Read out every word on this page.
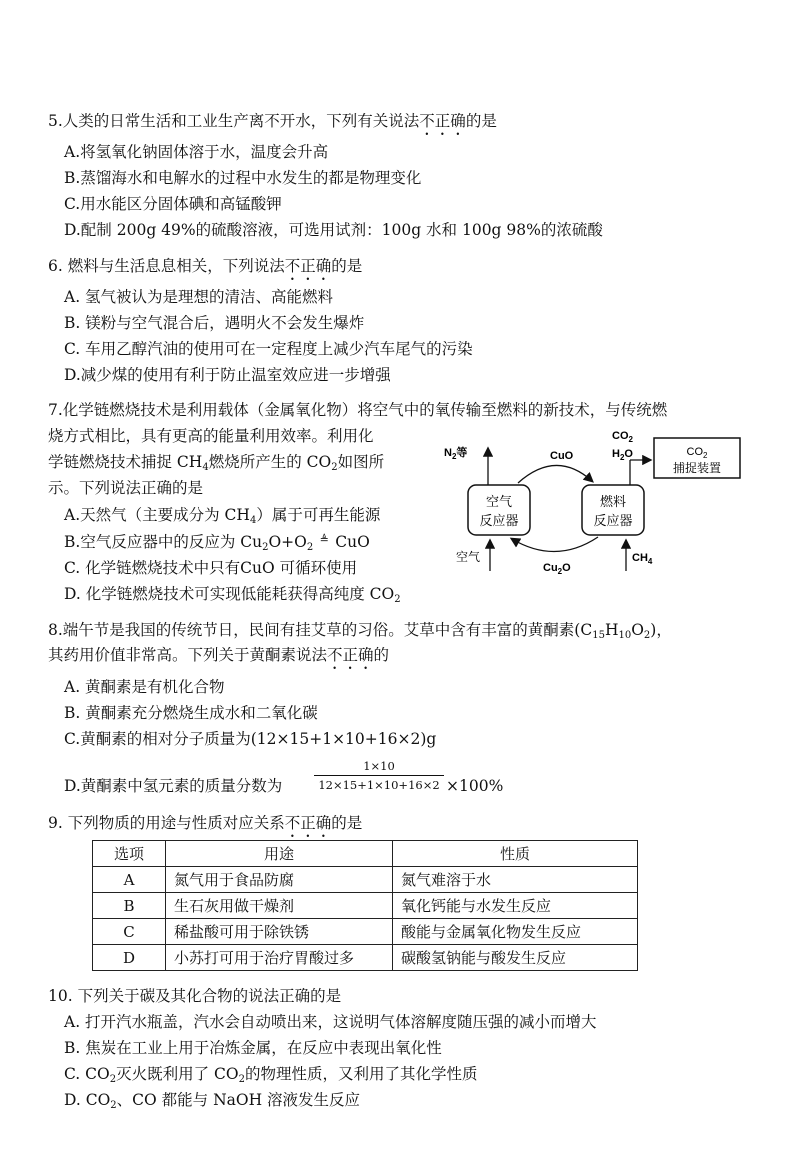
5.人类的日常生活和工业生产离不开水，下列有关说法不正确的是
A.将氢氧化钠固体溶于水，温度会升高
B.蒸馏海水和电解水的过程中水发生的都是物理变化
C.用水能区分固体碘和高锰酸钾
D.配制 200g 49%的硫酸溶液，可选用试剂：100g 水和 100g 98%的浓硫酸
6. 燃料与生活息息相关，下列说法不正确的是
A. 氢气被认为是理想的清洁、高能燃料
B. 镁粉与空气混合后，遇明火不会发生爆炸
C. 车用乙醇汽油的使用可在一定程度上减少汽车尾气的污染
D.减少煤的使用有利于防止温室效应进一步增强
7.化学链燃烧技术是利用载体（金属氧化物）将空气中的氧传输至燃料的新技术，与传统燃
烧方式相比，具有更高的能量利用效率。利用化
学链燃烧技术捕捉 $CH_4$燃烧所产生的 $CO_2$如图所
示。下列说法正确的是
A.天然气（主要成分为 $CH_4$）属于可再生能源
B.空气反应器中的反应为 $Cu_2O+O_2≜$ CuO
C. 化学链燃烧技术中只有CuO 可循环使用
D. 化学链燃烧技术可实现低能耗获得高纯度 $CO_2$
空气
反应器
燃料
反应器
$CO_2$
捕捉装置
CuO
$Cu_2O$
$N_2$等
空气
$CO_2$
$H_2O$
$CH_4$
8.端午节是我国的传统节日，民间有挂艾草的习俗。艾草中含有丰富的黄酮素$(C_{15}H_{10}O_2)$，
其药用价值非常高。下列关于黄酮素说法不正确的
A. 黄酮素是有机化合物
B. 黄酮素充分燃烧生成水和二氧化碳
C.黄酮素的相对分子质量为(12×15+1×10+16×2)g
D.黄酮素中氢元素的质量分数为
1×10
12×15+1×10+16×2 ×100%
9. 下列物质的用途与性质对应关系不正确的是
选项	用途	性质
A	氮气用于食品防腐	氮气难溶于水
B	生石灰用做干燥剂	氧化钙能与水发生反应
C	稀盐酸可用于除铁锈	酸能与金属氧化物发生反应
D	小苏打可用于治疗胃酸过多	碳酸氢钠能与酸发生反应
10. 下列关于碳及其化合物的说法正确的是
A. 打开汽水瓶盖，汽水会自动喷出来，这说明气体溶解度随压强的减小而增大
B. 焦炭在工业上用于冶炼金属，在反应中表现出氧化性
C. $CO_2$灭火既利用了 $CO_2$的物理性质，又利用了其化学性质
D. $CO_2$、CO 都能与 NaOH 溶液发生反应
